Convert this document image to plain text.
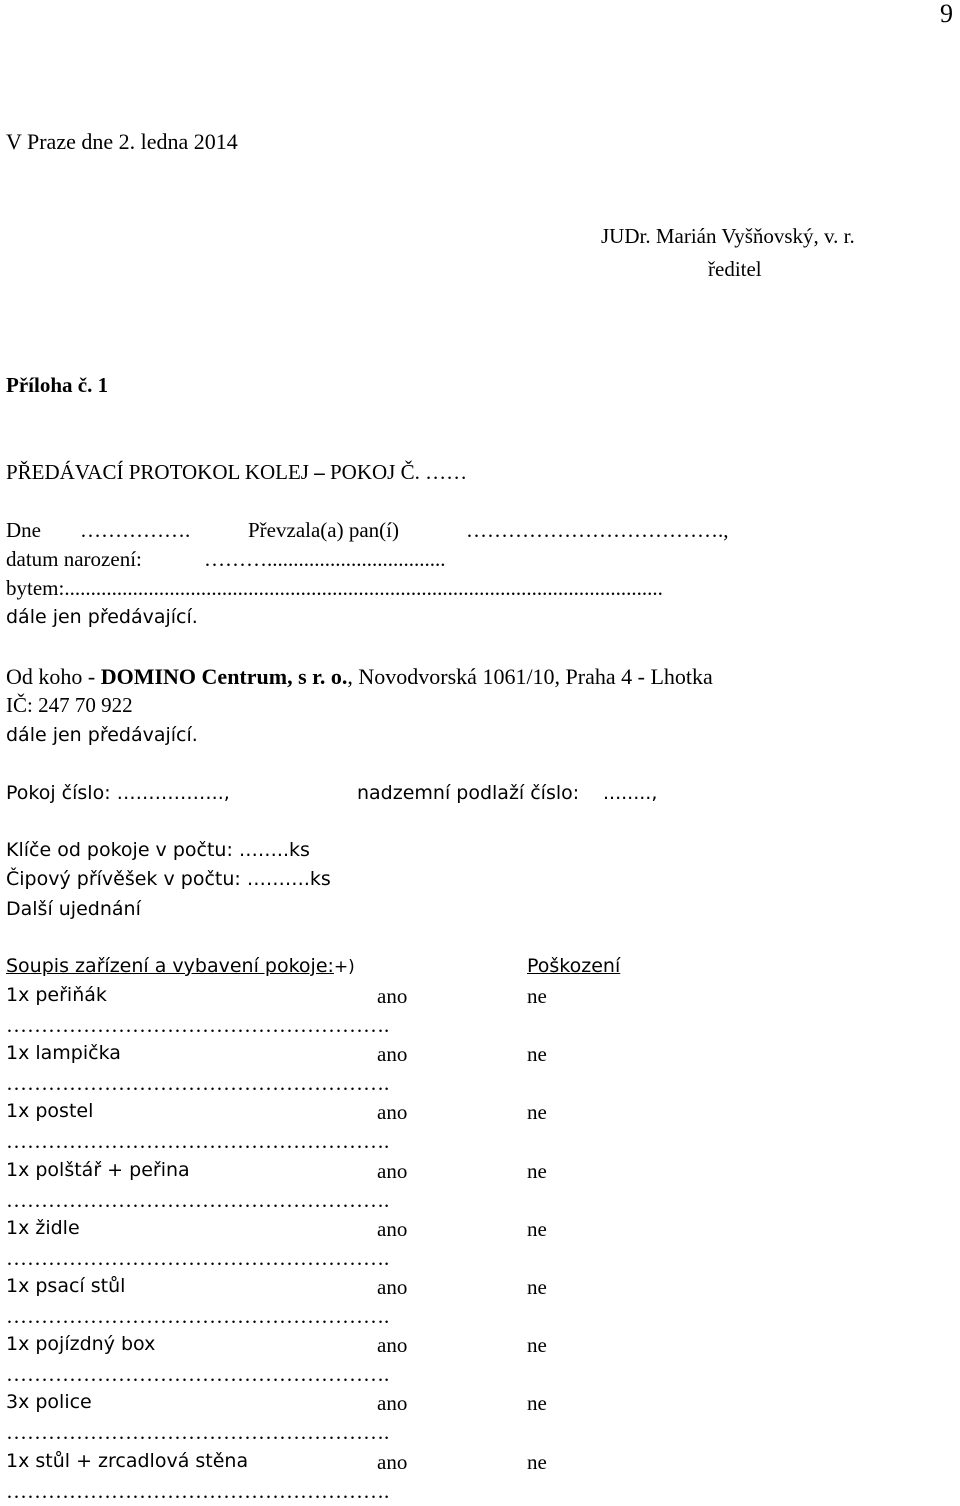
9
V Praze dne 2. ledna 2014
JUDr. Marián Vyšňovský, v. r.
ředitel
Příloha č. 1
PŘEDÁVACÍ PROTOKOL KOLEJ – POKOJ Č. ……
Dne …………….	Převzala(a) pan(í)	……………………………….,
datum narození:	………..................................
bytem:..................................................................................................................
dále jen předávající.
Od koho - DOMINO Centrum, s r. o., Novodvorská 1061/10, Praha 4 - Lhotka
IČ: 247 70 922
dále jen předávající.
Pokoj číslo: ……………..,	nadzemní podlaží číslo: ........,
Klíče od pokoje v počtu: ……..ks
Čipový přívěšek v počtu: ……….ks
Další ujednání
Soupis zařízení a vybavení pokoje:+)	Poškození
1x peřiňák	ano	ne
……………………………………………….
1x lampička	ano	ne
……………………………………………….
1x postel	ano	ne
……………………………………………….
1x polštář + peřina	ano	ne
……………………………………………….
1x židle	ano	ne
……………………………………………….
1x psací stůl	ano	ne
……………………………………………….
1x pojízdný box	ano	ne
……………………………………………….
3x police	ano	ne
……………………………………………….
1x stůl + zrcadlová stěna	ano	ne
……………………………………………….
